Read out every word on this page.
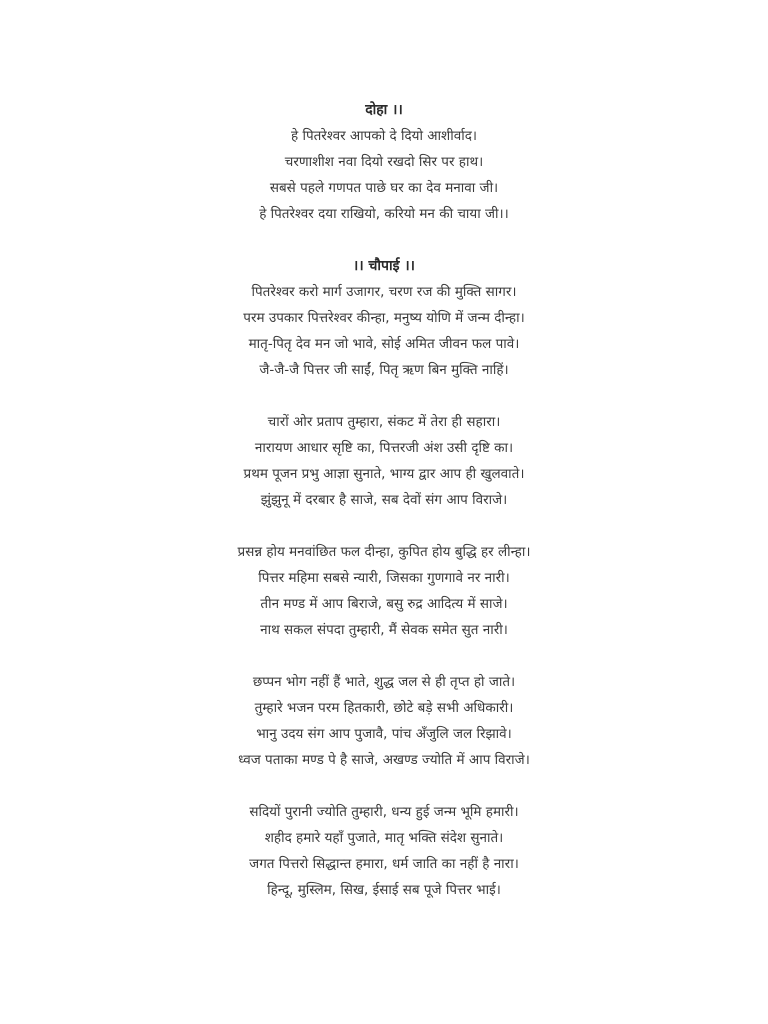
दोहा ।।
हे पितरेश्वर आपको दे दियो आशीर्वाद।
चरणाशीश नवा दियो रखदो सिर पर हाथ।
सबसे पहले गणपत पाछे घर का देव मनावा जी।
हे पितरेश्वर दया राखियो, करियो मन की चाया जी।।
।। चौपाई ।।
पितरेश्वर करो मार्ग उजागर, चरण रज की मुक्ति सागर।
परम उपकार पित्तरेश्वर कीन्हा, मनुष्य योणि में जन्म दीन्हा।
मातृ-पितृ देव मन जो भावे, सोई अमित जीवन फल पावे।
जै-जै-जै पित्तर जी साईं, पितृ ऋण बिन मुक्ति नाहिं।
चारों ओर प्रताप तुम्हारा, संकट में तेरा ही सहारा।
नारायण आधार सृष्टि का, पित्तरजी अंश उसी दृष्टि का।
प्रथम पूजन प्रभु आज्ञा सुनाते, भाग्य द्वार आप ही खुलवाते।
झुंझुनू में दरबार है साजे, सब देवों संग आप विराजे।
प्रसन्न होय मनवांछित फल दीन्हा, कुपित होय बुद्धि हर लीन्हा।
पित्तर महिमा सबसे न्यारी, जिसका गुणगावे नर नारी।
तीन मण्ड में आप बिराजे, बसु रुद्र आदित्य में साजे।
नाथ सकल संपदा तुम्हारी, मैं सेवक समेत सुत नारी।
छप्पन भोग नहीं हैं भाते, शुद्ध जल से ही तृप्त हो जाते।
तुम्हारे भजन परम हितकारी, छोटे बड़े सभी अधिकारी।
भानु उदय संग आप पुजावै, पांच अँजुलि जल रिझावे।
ध्वज पताका मण्ड पे है साजे, अखण्ड ज्योति में आप विराजे।
सदियों पुरानी ज्योति तुम्हारी, धन्य हुई जन्म भूमि हमारी।
शहीद हमारे यहाँ पुजाते, मातृ भक्ति संदेश सुनाते।
जगत पित्तरो सिद्धान्त हमारा, धर्म जाति का नहीं है नारा।
हिन्दू, मुस्लिम, सिख, ईसाई सब पूजे पित्तर भाई।
